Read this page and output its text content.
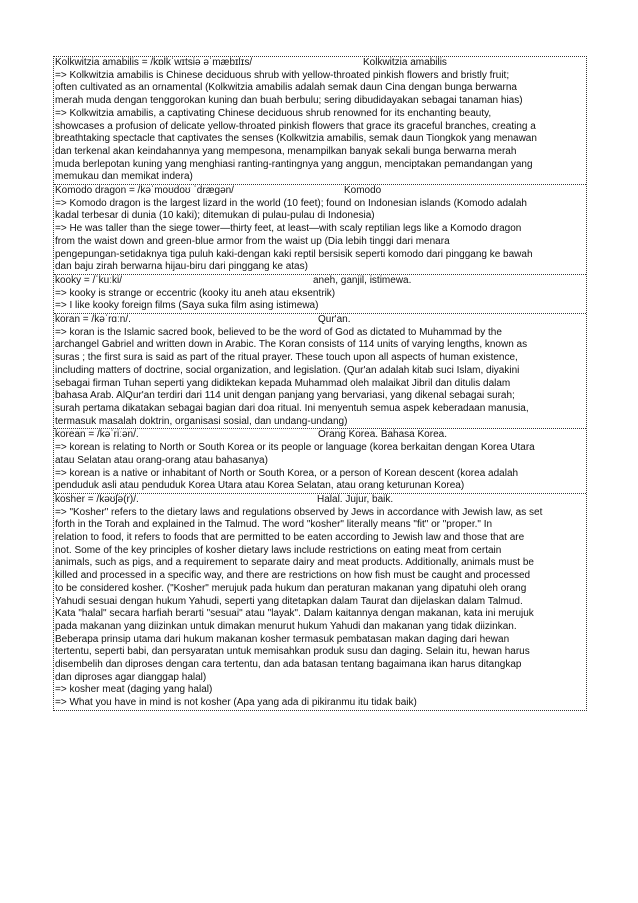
Kolkwitzia amabilis = /kɒlkˈwɪtsiə əˈmæbɪlɪs/	Kolkwitzia amabilis
=> Kolkwitzia amabilis is Chinese deciduous shrub with yellow-throated pinkish flowers and bristly fruit;
often cultivated as an ornamental (Kolkwitzia amabilis adalah semak daun Cina dengan bunga berwarna
merah muda dengan tenggorokan kuning dan buah berbulu; sering dibudidayakan sebagai tanaman hias)
=> Kolkwitzia amabilis, a captivating Chinese deciduous shrub renowned for its enchanting beauty,
showcases a profusion of delicate yellow-throated pinkish flowers that grace its graceful branches, creating a
breathtaking spectacle that captivates the senses (Kolkwitzia amabilis, semak daun Tiongkok yang menawan
dan terkenal akan keindahannya yang mempesona, menampilkan banyak sekali bunga berwarna merah
muda berlepotan kuning yang menghiasi ranting-rantingnya yang anggun, menciptakan pemandangan yang
memukau dan memikat indera)
Komodo dragon = /kəˈmoʊdoʊ ˈdræɡən/	Komodo
=> Komodo dragon is the largest lizard in the world (10 feet); found on Indonesian islands (Komodo adalah
kadal terbesar di dunia (10 kaki); ditemukan di pulau-pulau di Indonesia)
=> He was taller than the siege tower—thirty feet, at least—with scaly reptilian legs like a Komodo dragon
from the waist down and green-blue armor from the waist up (Dia lebih tinggi dari menara
pengepungan-setidaknya tiga puluh kaki-dengan kaki reptil bersisik seperti komodo dari pinggang ke bawah
dan baju zirah berwarna hijau-biru dari pinggang ke atas)
kooky = /ˈkuːki/	aneh, ganjil, istimewa.
=> kooky is strange or eccentric (kooky itu aneh atau eksentrik)
=> I like kooky foreign films (Saya suka film asing istimewa)
koran = /kəˈrɑːn/.	Qur'an.
=> koran is the Islamic sacred book, believed to be the word of God as dictated to Muhammad by the
archangel Gabriel and written down in Arabic. The Koran consists of 114 units of varying lengths, known as
suras ; the first sura is said as part of the ritual prayer. These touch upon all aspects of human existence,
including matters of doctrine, social organization, and legislation. (Qur'an adalah kitab suci Islam, diyakini
sebagai firman Tuhan seperti yang didiktekan kepada Muhammad oleh malaikat Jibril dan ditulis dalam
bahasa Arab. AlQur'an terdiri dari 114 unit dengan panjang yang bervariasi, yang dikenal sebagai surah;
surah pertama dikatakan sebagai bagian dari doa ritual. Ini menyentuh semua aspek keberadaan manusia,
termasuk masalah doktrin, organisasi sosial, dan undang-undang)
korean = /kəˈriːən/.	Orang Korea. Bahasa Korea.
=> korean is relating to North or South Korea or its people or language (korea berkaitan dengan Korea Utara
atau Selatan atau orang-orang atau bahasanya)
=> korean is a native or inhabitant of North or South Korea, or a person of Korean descent (korea adalah
penduduk asli atau penduduk Korea Utara atau Korea Selatan, atau orang keturunan Korea)
kosher = /kəʊʃə(r)/.	Halal. Jujur, baik.
=> "Kosher" refers to the dietary laws and regulations observed by Jews in accordance with Jewish law, as set
forth in the Torah and explained in the Talmud. The word "kosher" literally means "fit" or "proper." In
relation to food, it refers to foods that are permitted to be eaten according to Jewish law and those that are
not. Some of the key principles of kosher dietary laws include restrictions on eating meat from certain
animals, such as pigs, and a requirement to separate dairy and meat products. Additionally, animals must be
killed and processed in a specific way, and there are restrictions on how fish must be caught and processed
to be considered kosher. ("Kosher" merujuk pada hukum dan peraturan makanan yang dipatuhi oleh orang
Yahudi sesuai dengan hukum Yahudi, seperti yang ditetapkan dalam Taurat dan dijelaskan dalam Talmud.
Kata "halal" secara harfiah berarti "sesuai" atau "layak". Dalam kaitannya dengan makanan, kata ini merujuk
pada makanan yang diizinkan untuk dimakan menurut hukum Yahudi dan makanan yang tidak diizinkan.
Beberapa prinsip utama dari hukum makanan kosher termasuk pembatasan makan daging dari hewan
tertentu, seperti babi, dan persyaratan untuk memisahkan produk susu dan daging. Selain itu, hewan harus
disembelih dan diproses dengan cara tertentu, dan ada batasan tentang bagaimana ikan harus ditangkap
dan diproses agar dianggap halal)
=> kosher meat (daging yang halal)
=> What you have in mind is not kosher (Apa yang ada di pikiranmu itu tidak baik)
